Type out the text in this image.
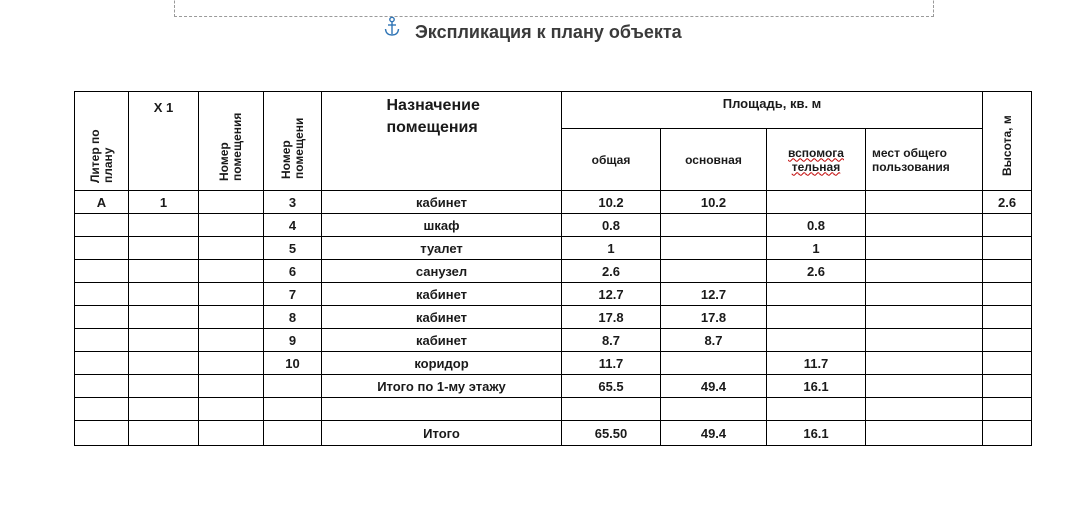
Экспликация к плану объекта
Литер по плану	Х 1	Номер помещения	Номер помещени	Назначение помещения	Площадь, кв. м				Высота, м
					общая	основная	вспомога тельная	мест общего пользования	
А	1		3	кабинет	10.2	10.2			2.6
			4	шкаф	0.8		0.8		
			5	туалет	1		1		
			6	санузел	2.6		2.6		
			7	кабинет	12.7	12.7			
			8	кабинет	17.8	17.8			
			9	кабинет	8.7	8.7			
			10	коридор	11.7		11.7		
				Итого по 1-му этажу	65.5	49.4	16.1		

				Итого	65.50	49.4	16.1		
